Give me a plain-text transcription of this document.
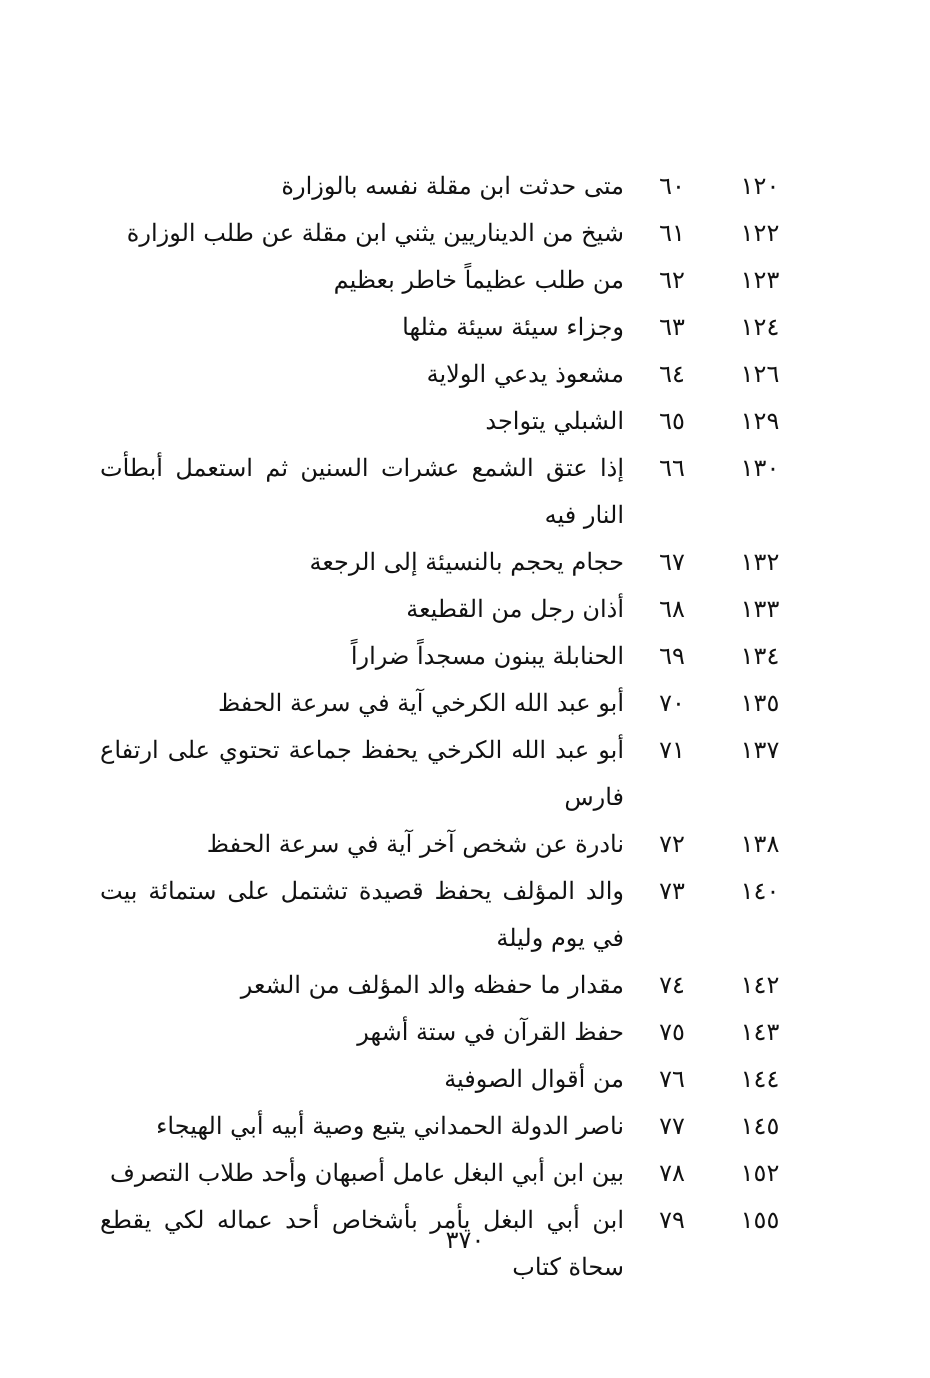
١٢٠
٦٠
متى حدثت ابن مقلة نفسه بالوزارة
١٢٢
٦١
شيخ من الديناريين يثني ابن مقلة عن طلب الوزارة
١٢٣
٦٢
من طلب عظيماً خاطر بعظيم
١٢٤
٦٣
وجزاء سيئة سيئة مثلها
١٢٦
٦٤
مشعوذ يدعي الولاية
١٢٩
٦٥
الشبلي يتواجد
١٣٠
٦٦
إذا عتق الشمع عشرات السنين ثم استعمل أبطأت النار فيه
١٣٢
٦٧
حجام يحجم بالنسيئة إلى الرجعة
١٣٣
٦٨
أذان رجل من القطيعة
١٣٤
٦٩
الحنابلة يبنون مسجداً ضراراً
١٣٥
٧٠
أبو عبد الله الكرخي آية في سرعة الحفظ
١٣٧
٧١
أبو عبد الله الكرخي يحفظ جماعة تحتوي على ارتفاع فارس
١٣٨
٧٢
نادرة عن شخص آخر آية في سرعة الحفظ
١٤٠
٧٣
والد المؤلف يحفظ قصيدة تشتمل على ستمائة بيت في يوم وليلة
١٤٢
٧٤
مقدار ما حفظه والد المؤلف من الشعر
١٤٣
٧٥
حفظ القرآن في ستة أشهر
١٤٤
٧٦
من أقوال الصوفية
١٤٥
٧٧
ناصر الدولة الحمداني يتبع وصية أبيه أبي الهيجاء
١٥٢
٧٨
بين ابن أبي البغل عامل أصبهان وأحد طلاب التصرف
١٥٥
٧٩
ابن أبي البغل يأمر بأشخاص أحد عماله لكي يقطع سحاة كتاب
٣٧٠
